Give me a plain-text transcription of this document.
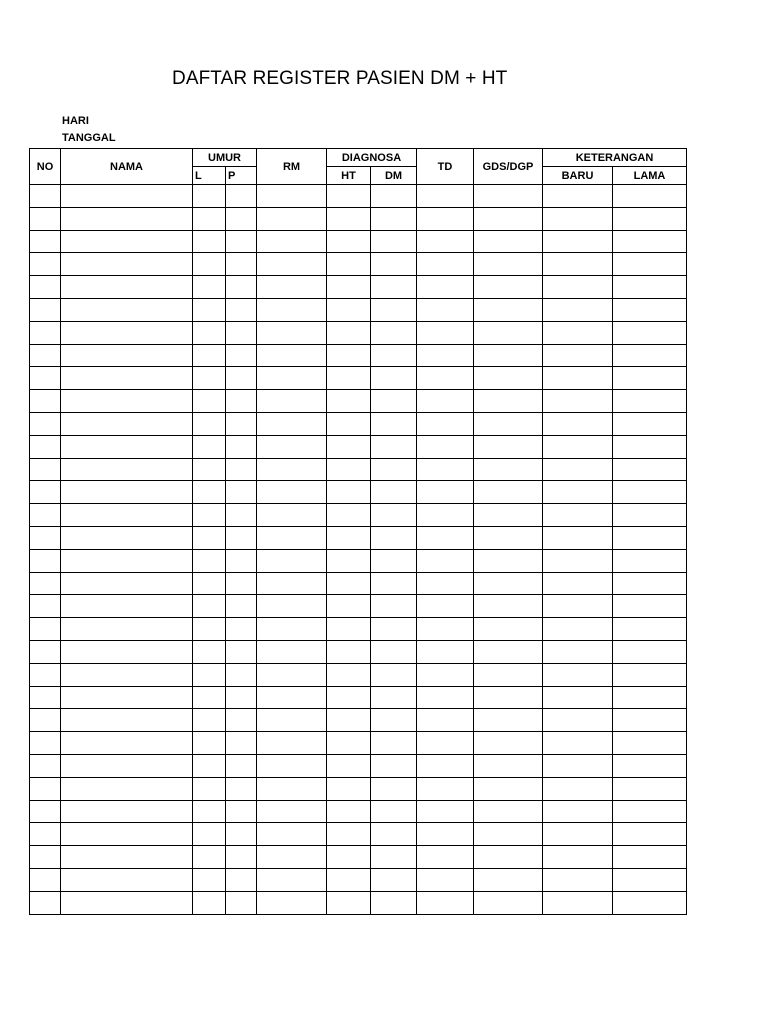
DAFTAR REGISTER PASIEN DM + HT
HARI
TANGGAL
NO	NAMA	UMUR		RM	DIAGNOSA		TD	GDS/DGP	KETERANGAN	
		L	P		HT	DM			BARU	LAMA
